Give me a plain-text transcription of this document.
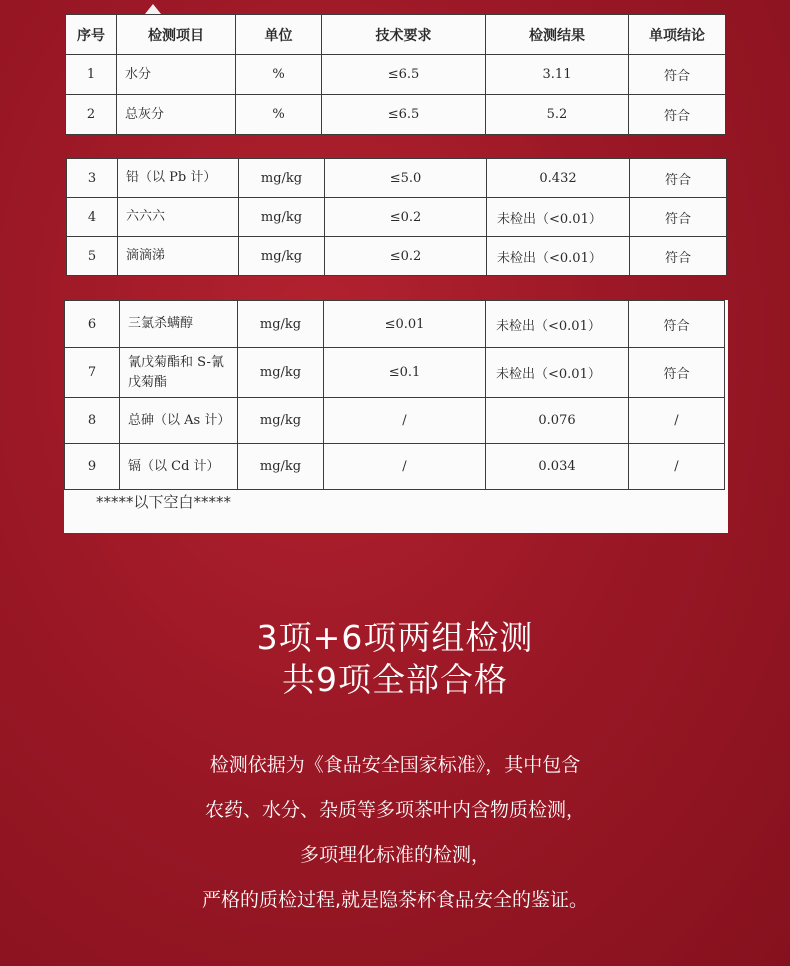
序号	检测项目	单位	技术要求	检测结果	单项结论
1	水分	%	≤6.5	3.11	符合
2	总灰分	%	≤6.5	5.2	符合
3	铅（以 Pb 计）	mg/kg	≤5.0	0.432	符合
4	六六六	mg/kg	≤0.2	未检出（<0.01）	符合
5	滴滴涕	mg/kg	≤0.2	未检出（<0.01）	符合
6	三氯杀螨醇	mg/kg	≤0.01	未检出（<0.01）	符合
7	氰戊菊酯和 S-氰戊菊酯	mg/kg	≤0.1	未检出（<0.01）	符合
8	总砷（以 As 计）	mg/kg	/	0.076	/
9	镉（以 Cd 计）	mg/kg	/	0.034	/
*****以下空白*****
3项+6项两组检测
共9项全部合格
检测依据为《食品安全国家标准》，其中包含
农药、水分、杂质等多项茶叶内含物质检测，
多项理化标准的检测，
严格的质检过程,就是隐茶杯食品安全的鉴证。
